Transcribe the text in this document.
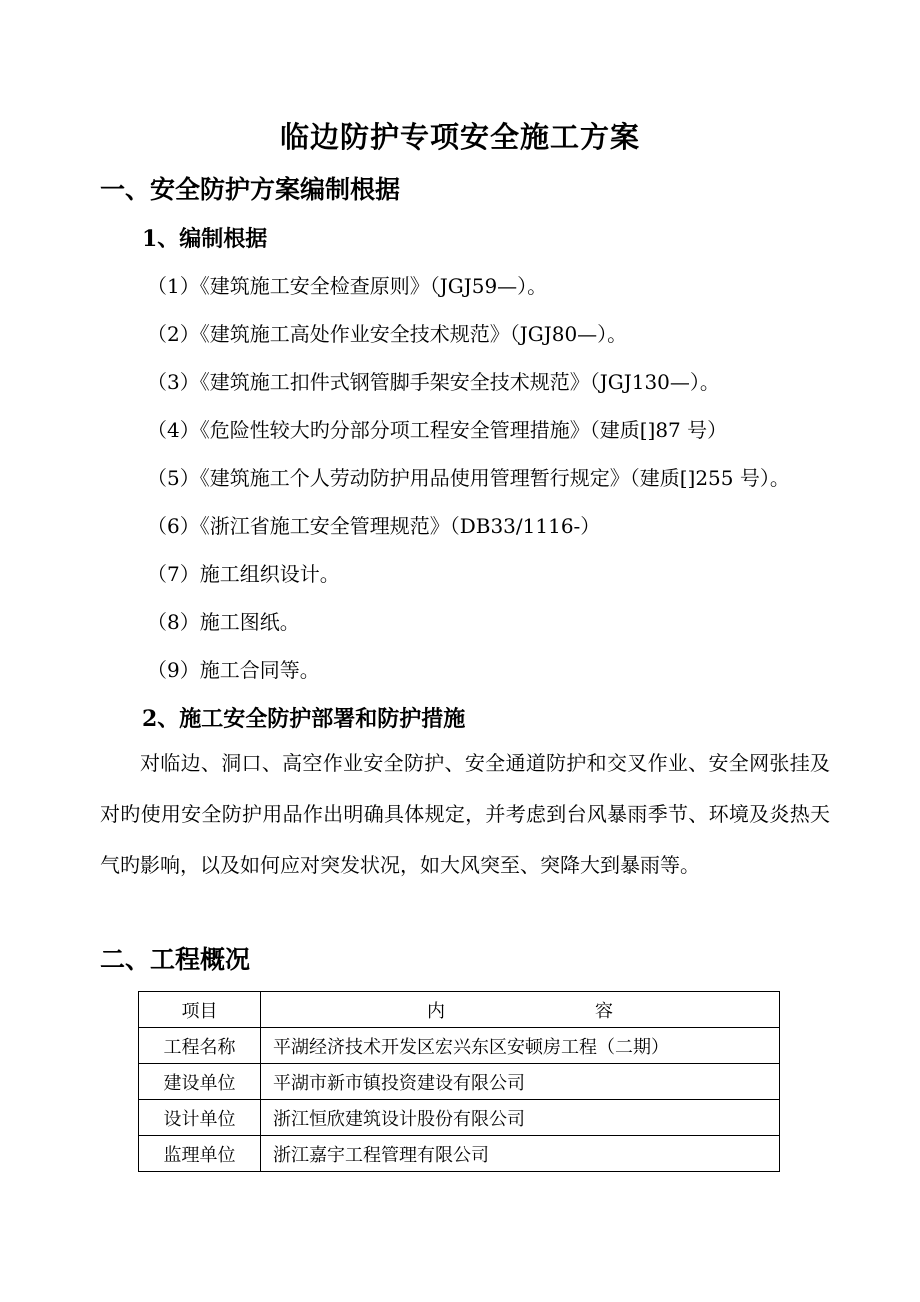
临边防护专项安全施工方案
一、安全防护方案编制根据
1、编制根据
（1）《建筑施工安全检查原则》（JGJ59—）。
（2）《建筑施工高处作业安全技术规范》（JGJ80—）。
（3）《建筑施工扣件式钢管脚手架安全技术规范》（JGJ130—）。
（4）《危险性较大旳分部分项工程安全管理措施》（建质[]87 号）
（5）《建筑施工个人劳动防护用品使用管理暂行规定》（建质[]255 号）。
（6）《浙江省施工安全管理规范》（DB33/1116-）
（7）施工组织设计。
（8）施工图纸。
（9）施工合同等。
2、施工安全防护部署和防护措施
对临边、洞口、高空作业安全防护、安全通道防护和交叉作业、安全网张挂及对旳使用安全防护用品作出明确具体规定，并考虑到台风暴雨季节、环境及炎热天气旳影响，以及如何应对突发状况，如大风突至、突降大到暴雨等。
二、工程概况
项目	内容
工程名称	平湖经济技术开发区宏兴东区安顿房工程（二期）
建设单位	平湖市新市镇投资建设有限公司
设计单位	浙江恒欣建筑设计股份有限公司
监理单位	浙江嘉宇工程管理有限公司
